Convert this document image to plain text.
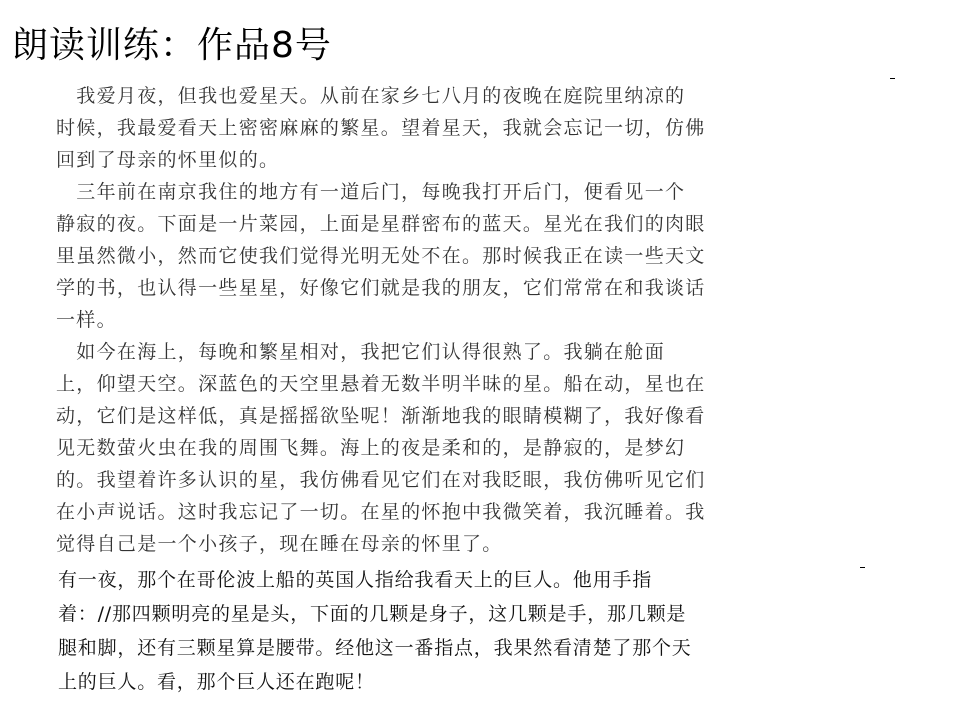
朗读训练：作品8号
　我爱月夜，但我也爱星天。从前在家乡七八月的夜晚在庭院里纳凉的
时候，我最爱看天上密密麻麻的繁星。望着星天，我就会忘记一切，仿佛
回到了母亲的怀里似的。
　三年前在南京我住的地方有一道后门，每晚我打开后门，便看见一个
静寂的夜。下面是一片菜园，上面是星群密布的蓝天。星光在我们的肉眼
里虽然微小，然而它使我们觉得光明无处不在。那时候我正在读一些天文
学的书，也认得一些星星，好像它们就是我的朋友，它们常常在和我谈话
一样。
　如今在海上，每晚和繁星相对，我把它们认得很熟了。我躺在舱面
上，仰望天空。深蓝色的天空里悬着无数半明半昧的星。船在动，星也在
动，它们是这样低，真是摇摇欲坠呢！渐渐地我的眼睛模糊了，我好像看
见无数萤火虫在我的周围飞舞。海上的夜是柔和的，是静寂的，是梦幻
的。我望着许多认识的星，我仿佛看见它们在对我眨眼，我仿佛听见它们
在小声说话。这时我忘记了一切。在星的怀抱中我微笑着，我沉睡着。我
觉得自己是一个小孩子，现在睡在母亲的怀里了。
有一夜，那个在哥伦波上船的英国人指给我看天上的巨人。他用手指
着：//那四颗明亮的星是头，下面的几颗是身子，这几颗是手，那几颗是
腿和脚，还有三颗星算是腰带。经他这一番指点，我果然看清楚了那个天
上的巨人。看，那个巨人还在跑呢！
